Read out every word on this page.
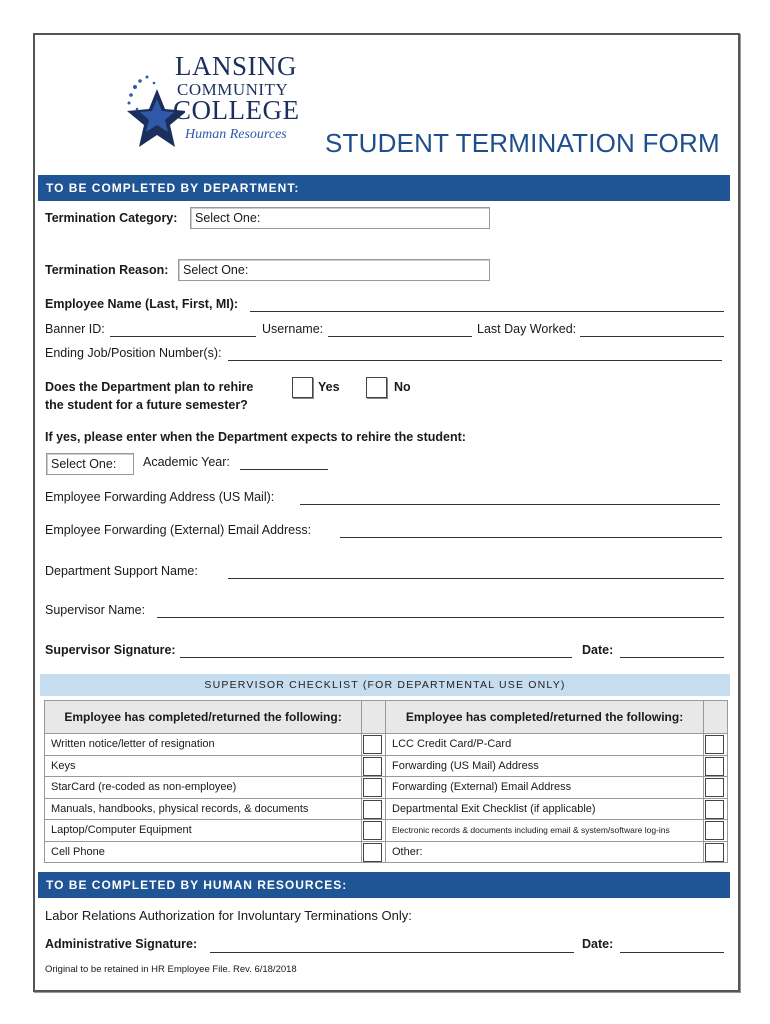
LANSING
COMMUNITY
COLLEGE
Human Resources STUDENT TERMINATION FORM
TO BE COMPLETED BY DEPARTMENT:
Termination Category:	Select One:
Termination Reason:	Select One:
Employee Name (Last, First, MI):
Banner ID:	Username:	Last Day Worked:
Ending Job/Position Number(s):
Does the Department plan to rehire
the student for a future semester?
Yes	No
If yes, please enter when the Department expects to rehire the student:
Select One:	Academic Year:
Employee Forwarding Address (US Mail):
Employee Forwarding (External) Email Address:
Department Support Name:
Supervisor Name:
Supervisor Signature:	Date:
SUPERVISOR CHECKLIST (FOR DEPARTMENTAL USE ONLY)
Employee has completed/returned the following:		Employee has completed/returned the following:	
Written notice/letter of resignation		LCC Credit Card/P-Card	

Keys		Forwarding (US Mail) Address	

StarCard (re-coded as non-employee)		Forwarding (External) Email Address	

Manuals, handbooks, physical records, & documents		Departmental Exit Checklist (if applicable)	

Laptop/Computer Equipment		Electronic records & documents including email & system/software log-ins	

Cell Phone		Other:	
TO BE COMPLETED BY HUMAN RESOURCES:
Labor Relations Authorization for Involuntary Terminations Only:
Administrative Signature:	Date:
Original to be retained in HR Employee File. Rev. 6/18/2018
